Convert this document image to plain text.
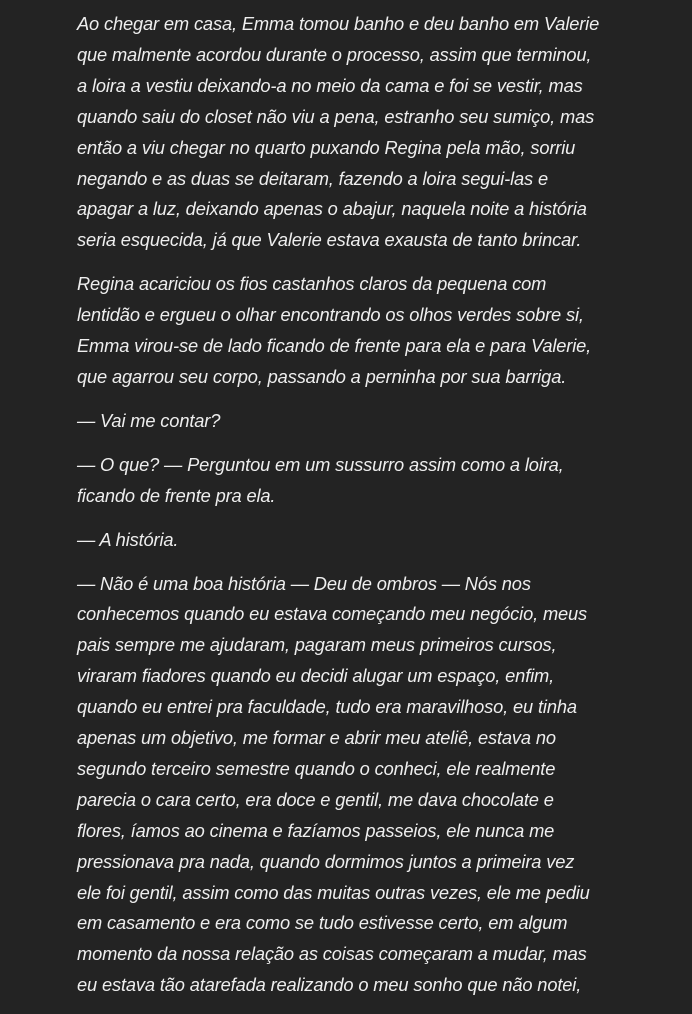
Ao chegar em casa, Emma tomou banho e deu banho em Valerie
que malmente acordou durante o processo, assim que terminou,
a loira a vestiu deixando-a no meio da cama e foi se vestir, mas
quando saiu do closet não viu a pena, estranho seu sumiço, mas
então a viu chegar no quarto puxando Regina pela mão, sorriu
negando e as duas se deitaram, fazendo a loira segui-las e
apagar a luz, deixando apenas o abajur, naquela noite a história
seria esquecida, já que Valerie estava exausta de tanto brincar.

Regina acariciou os fios castanhos claros da pequena com
lentidão e ergueu o olhar encontrando os olhos verdes sobre si,
Emma virou-se de lado ficando de frente para ela e para Valerie,
que agarrou seu corpo, passando a perninha por sua barriga.

— Vai me contar?

— O que? — Perguntou em um sussurro assim como a loira,
ficando de frente pra ela.

— A história.

— Não é uma boa história — Deu de ombros — Nós nos
conhecemos quando eu estava começando meu negócio, meus
pais sempre me ajudaram, pagaram meus primeiros cursos,
viraram fiadores quando eu decidi alugar um espaço, enfim,
quando eu entrei pra faculdade, tudo era maravilhoso, eu tinha
apenas um objetivo, me formar e abrir meu ateliê, estava no
segundo terceiro semestre quando o conheci, ele realmente
parecia o cara certo, era doce e gentil, me dava chocolate e
flores, íamos ao cinema e fazíamos passeios, ele nunca me
pressionava pra nada, quando dormimos juntos a primeira vez
ele foi gentil, assim como das muitas outras vezes, ele me pediu
em casamento e era como se tudo estivesse certo, em algum
momento da nossa relação as coisas começaram a mudar, mas
eu estava tão atarefada realizando o meu sonho que não notei,
